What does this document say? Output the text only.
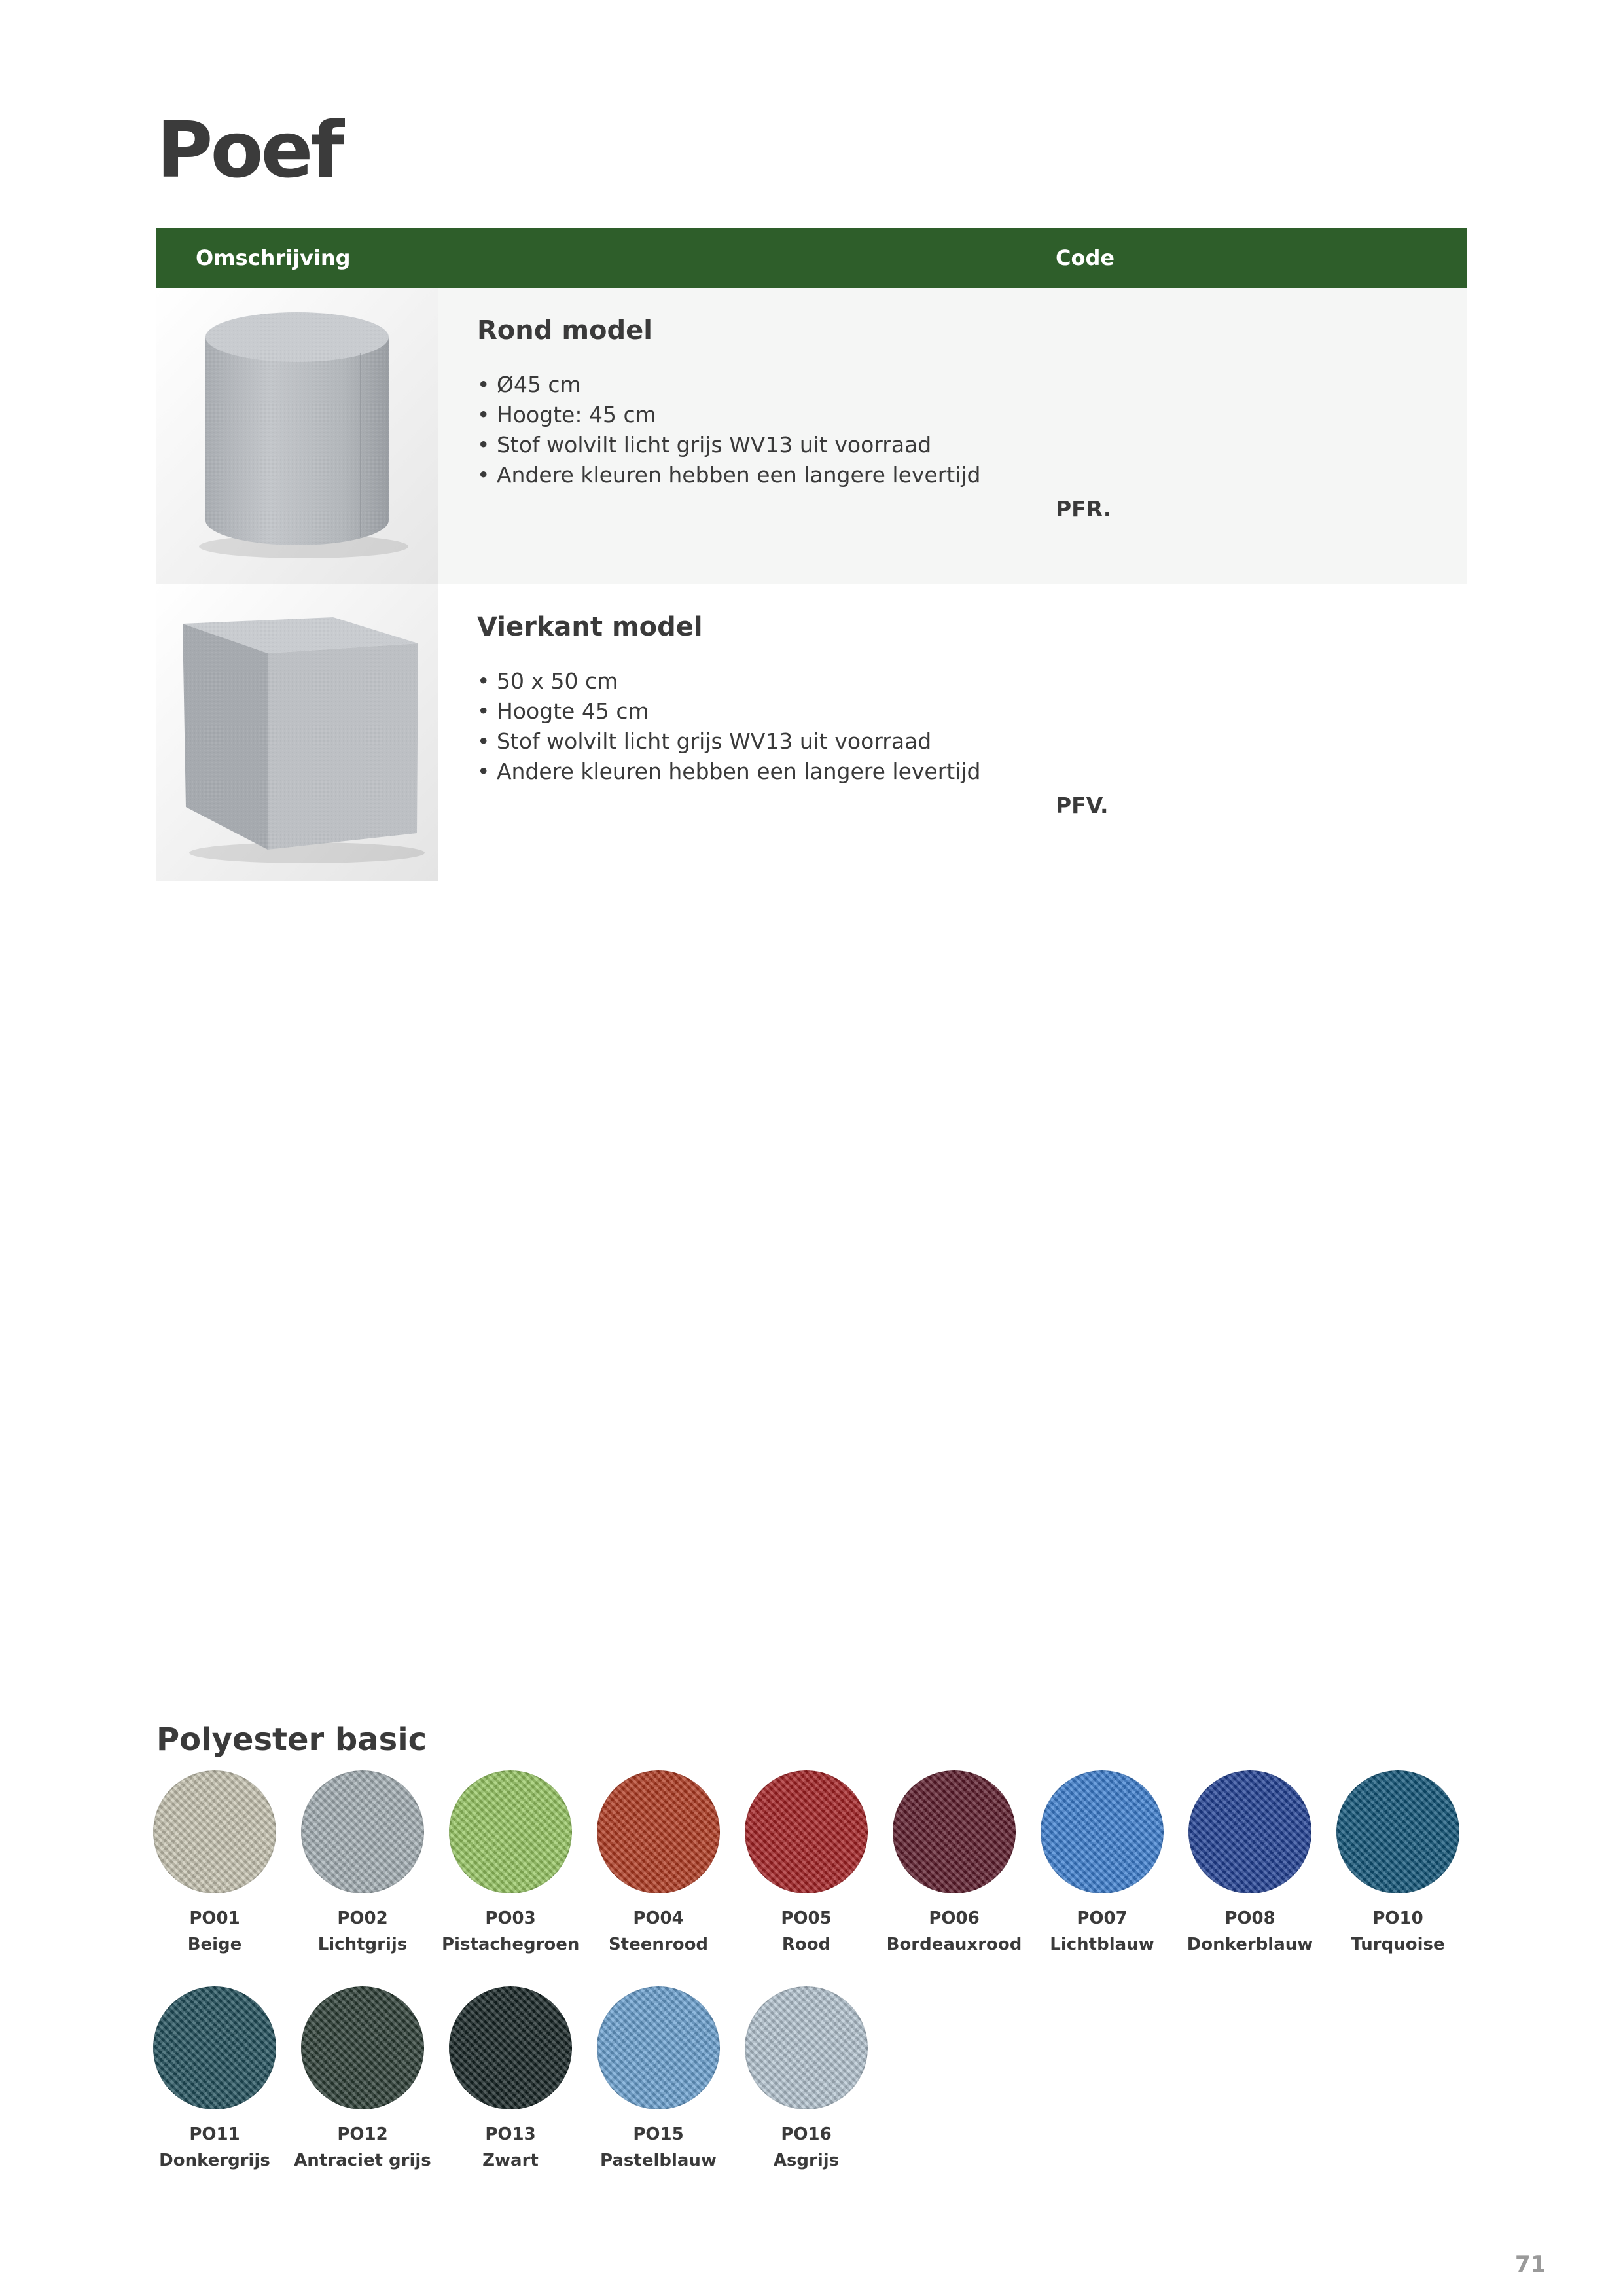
Poef
Omschrijving	Code
Rond model
• Ø45 cm
• Hoogte: 45 cm
• Stof wolvilt licht grijs WV13 uit voorraad
• Andere kleuren hebben een langere levertijd
PFR.
Vierkant model
• 50 x 50 cm
• Hoogte 45 cm
• Stof wolvilt licht grijs WV13 uit voorraad
• Andere kleuren hebben een langere levertijd
PFV.
Polyester basic
PO01
Beige
PO02
Lichtgrijs
PO03
Pistachegroen
PO04
Steenrood
PO05
Rood
PO06
Bordeauxrood
PO07
Lichtblauw
PO08
Donkerblauw
PO10
Turquoise
PO11
Donkergrijs
PO12
Antraciet grijs
PO13
Zwart
PO15
Pastelblauw
PO16
Asgrijs
71
